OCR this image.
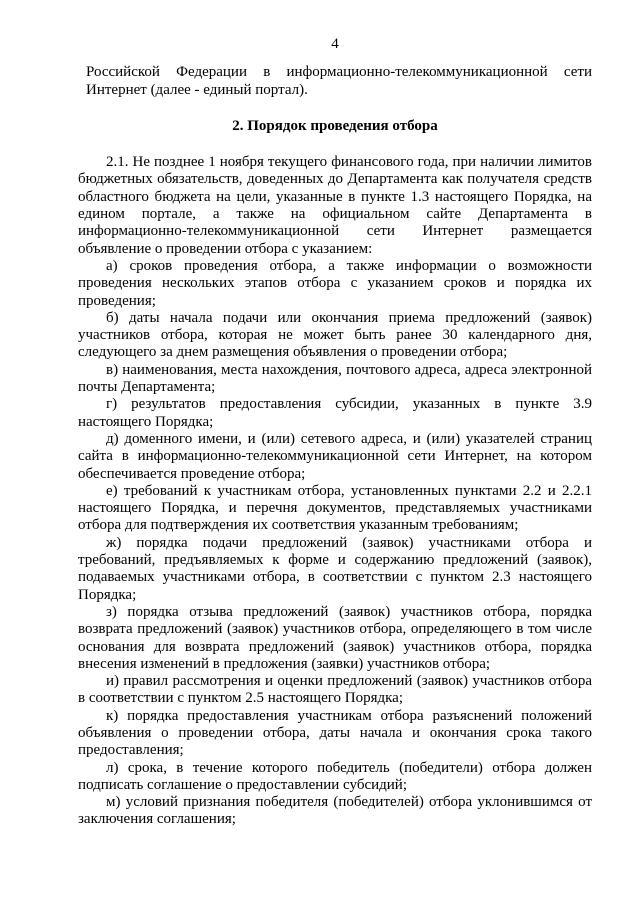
4

Российской Федерации в информационно-телекоммуникационной сети Интернет (далее - единый портал).

2. Порядок проведения отбора

2.1. Не позднее 1 ноября текущего финансового года, при наличии лимитов бюджетных обязательств, доведенных до Департамента как получателя средств областного бюджета на цели, указанные в пункте 1.3 настоящего Порядка, на едином портале, а также на официальном сайте Департамента в информационно-телекоммуникационной сети Интернет размещается объявление о проведении отбора с указанием:

а) сроков проведения отбора, а также информации о возможности проведения нескольких этапов отбора с указанием сроков и порядка их проведения;

б) даты начала подачи или окончания приема предложений (заявок) участников отбора, которая не может быть ранее 30 календарного дня, следующего за днем размещения объявления о проведении отбора;

в) наименования, места нахождения, почтового адреса, адреса электронной почты Департамента;

г) результатов предоставления субсидии, указанных в пункте 3.9 настоящего Порядка;

д) доменного имени, и (или) сетевого адреса, и (или) указателей страниц сайта в информационно-телекоммуникационной сети Интернет, на котором обеспечивается проведение отбора;

е) требований к участникам отбора, установленных пунктами 2.2 и 2.2.1 настоящего Порядка, и перечня документов, представляемых участниками отбора для подтверждения их соответствия указанным требованиям;

ж) порядка подачи предложений (заявок) участниками отбора и требований, предъявляемых к форме и содержанию предложений (заявок), подаваемых участниками отбора, в соответствии с пунктом 2.3 настоящего Порядка;

з) порядка отзыва предложений (заявок) участников отбора, порядка возврата предложений (заявок) участников отбора, определяющего в том числе основания для возврата предложений (заявок) участников отбора, порядка внесения изменений в предложения (заявки) участников отбора;

и) правил рассмотрения и оценки предложений (заявок) участников отбора в соответствии с пунктом 2.5 настоящего Порядка;

к) порядка предоставления участникам отбора разъяснений положений объявления о проведении отбора, даты начала и окончания срока такого предоставления;

л) срока, в течение которого победитель (победители) отбора должен подписать соглашение о предоставлении субсидий;

м) условий признания победителя (победителей) отбора уклонившимся от заключения соглашения;
